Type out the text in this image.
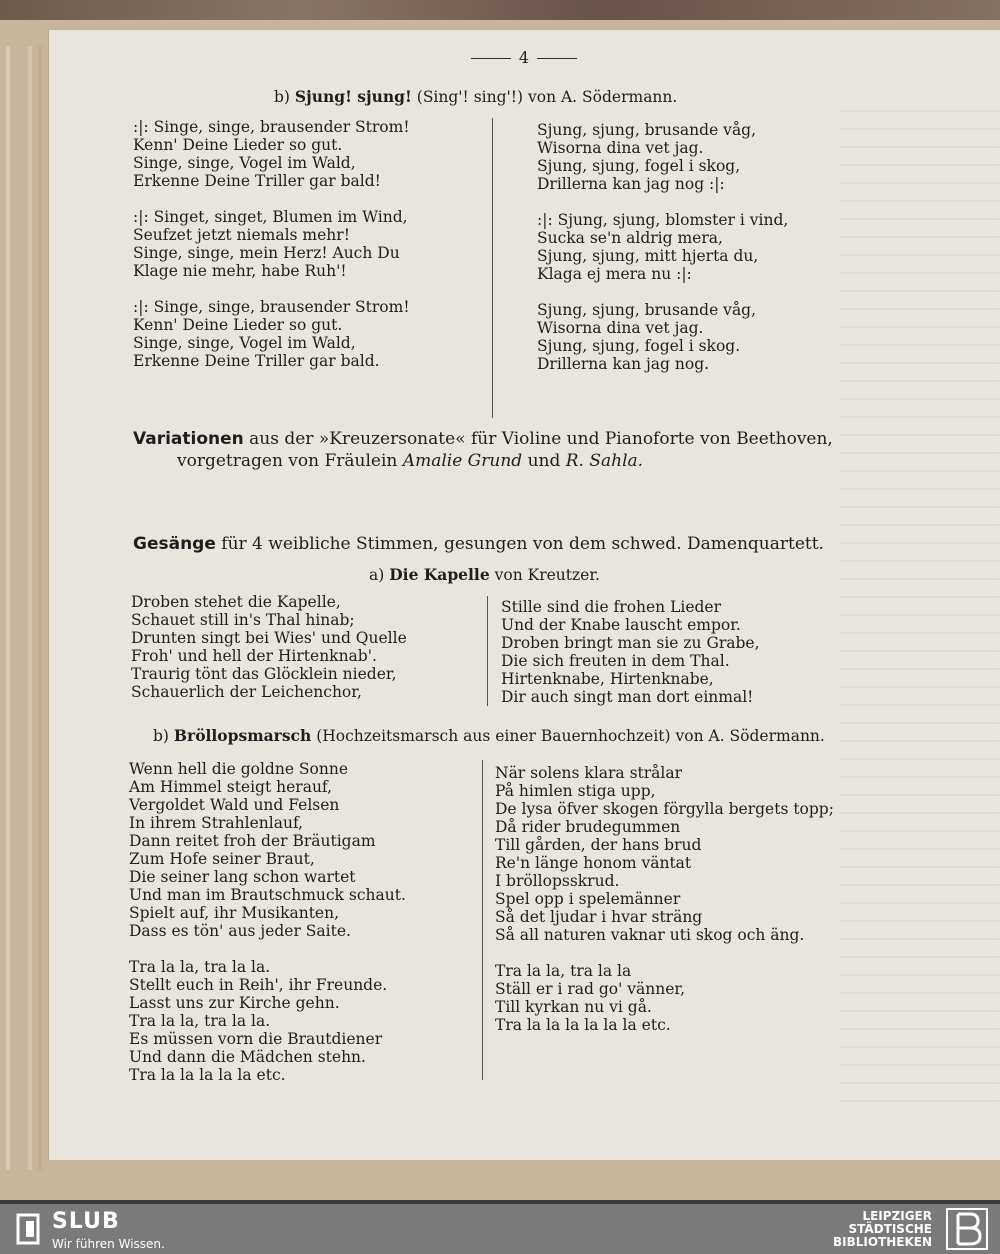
4
b) Sjung! sjung! (Sing'! sing'!) von A. Södermann.
:|: Singe, singe, brausender Strom!
Kenn' Deine Lieder so gut.
Singe, singe, Vogel im Wald,
Erkenne Deine Triller gar bald!
:|: Singet, singet, Blumen im Wind,
Seufzet jetzt niemals mehr!
Singe, singe, mein Herz! Auch Du
Klage nie mehr, habe Ruh'!
:|: Singe, singe, brausender Strom!
Kenn' Deine Lieder so gut.
Singe, singe, Vogel im Wald,
Erkenne Deine Triller gar bald.
Sjung, sjung, brusande våg,
Wisorna dina vet jag.
Sjung, sjung, fogel i skog,
Drillerna kan jag nog :|:
:|: Sjung, sjung, blomster i vind,
Sucka se'n aldrig mera,
Sjung, sjung, mitt hjerta du,
Klaga ej mera nu :|:
Sjung, sjung, brusande våg,
Wisorna dina vet jag.
Sjung, sjung, fogel i skog.
Drillerna kan jag nog.
Variationen aus der »Kreuzersonate« für Violine und Pianoforte von Beethoven,
vorgetragen von Fräulein Amalie Grund und R. Sahla.
Gesänge für 4 weibliche Stimmen, gesungen von dem schwed. Damenquartett.
a) Die Kapelle von Kreutzer.
Droben stehet die Kapelle,
Schauet still in's Thal hinab;
Drunten singt bei Wies' und Quelle
Froh' und hell der Hirtenknab'.
Traurig tönt das Glöcklein nieder,
Schauerlich der Leichenchor,
Stille sind die frohen Lieder
Und der Knabe lauscht empor.
Droben bringt man sie zu Grabe,
Die sich freuten in dem Thal.
Hirtenknabe, Hirtenknabe,
Dir auch singt man dort einmal!
b) Bröllopsmarsch (Hochzeitsmarsch aus einer Bauernhochzeit) von A. Södermann.
Wenn hell die goldne Sonne
Am Himmel steigt herauf,
Vergoldet Wald und Felsen
In ihrem Strahlenlauf,
Dann reitet froh der Bräutigam
Zum Hofe seiner Braut,
Die seiner lang schon wartet
Und man im Brautschmuck schaut.
Spielt auf, ihr Musikanten,
Dass es tön' aus jeder Saite.
Tra la la, tra la la.
Stellt euch in Reih', ihr Freunde.
Lasst uns zur Kirche gehn.
Tra la la, tra la la.
Es müssen vorn die Brautdiener
Und dann die Mädchen stehn.
Tra la la la la la etc.
När solens klara strålar
På himlen stiga upp,
De lysa öfver skogen förgylla bergets topp;
Då rider brudegummen
Till gården, der hans brud
Re'n länge honom väntat
I bröllopsskrud.
Spel opp i spelemänner
Så det ljudar i hvar sträng
Så all naturen vaknar uti skog och äng.
Tra la la, tra la la
Ställ er i rad go' vänner,
Till kyrkan nu vi gå.
Tra la la la la la la etc.
SLUB
Wir führen Wissen.
LEIPZIGER
STÄDTISCHE
BIBLIOTHEKEN
